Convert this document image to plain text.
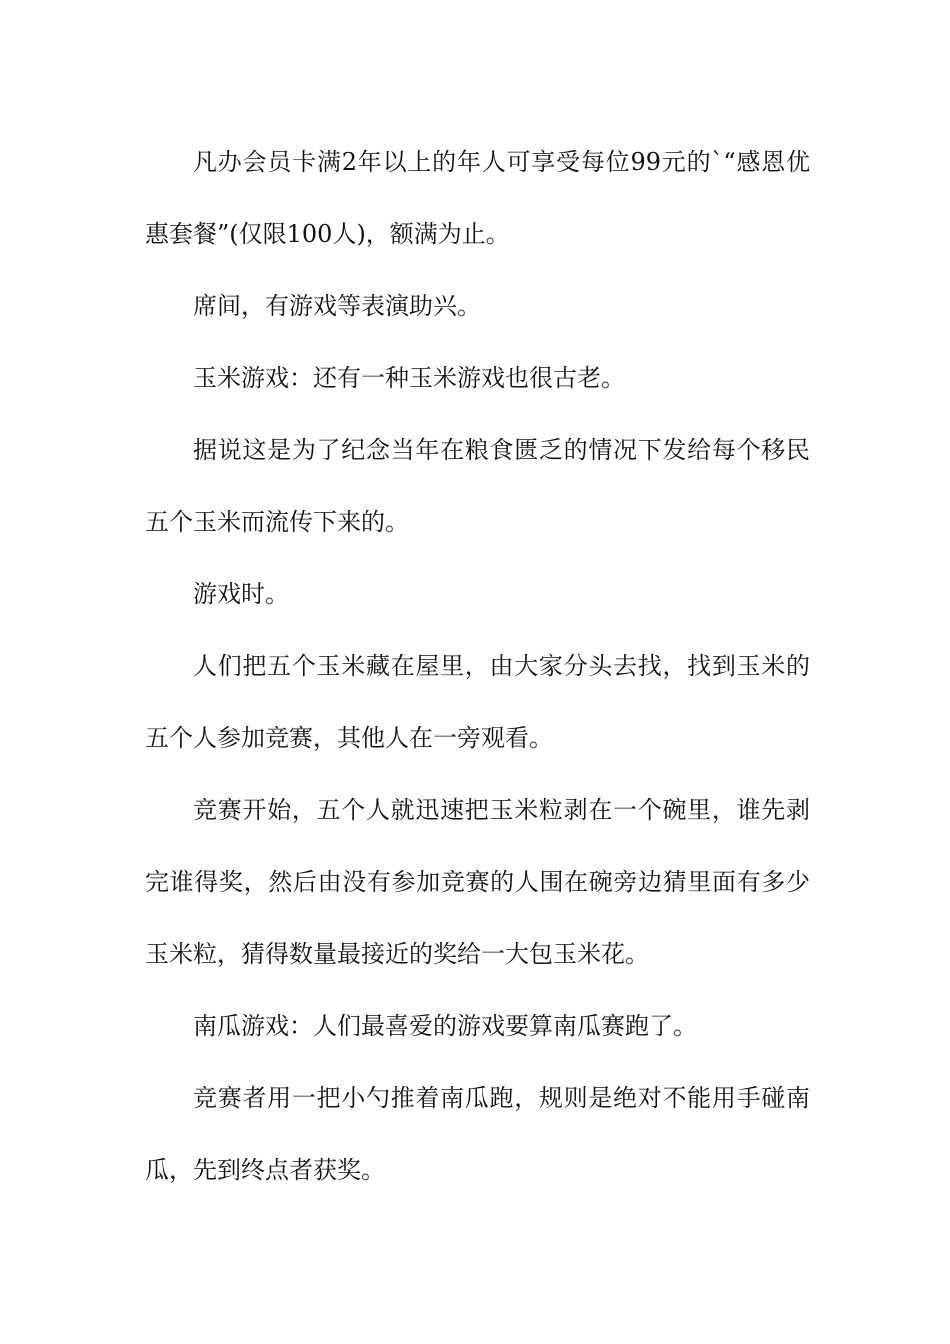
凡办会员卡满2年以上的年人可享受每位99元的`“感恩优惠套餐”(仅限100人)，额满为止。

席间，有游戏等表演助兴。

玉米游戏：还有一种玉米游戏也很古老。

据说这是为了纪念当年在粮食匮乏的情况下发给每个移民五个玉米而流传下来的。

游戏时。

人们把五个玉米藏在屋里，由大家分头去找，找到玉米的五个人参加竞赛，其他人在一旁观看。

竞赛开始，五个人就迅速把玉米粒剥在一个碗里，谁先剥完谁得奖，然后由没有参加竞赛的人围在碗旁边猜里面有多少玉米粒，猜得数量最接近的奖给一大包玉米花。

南瓜游戏：人们最喜爱的游戏要算南瓜赛跑了。

竞赛者用一把小勺推着南瓜跑，规则是绝对不能用手碰南瓜，先到终点者获奖。
